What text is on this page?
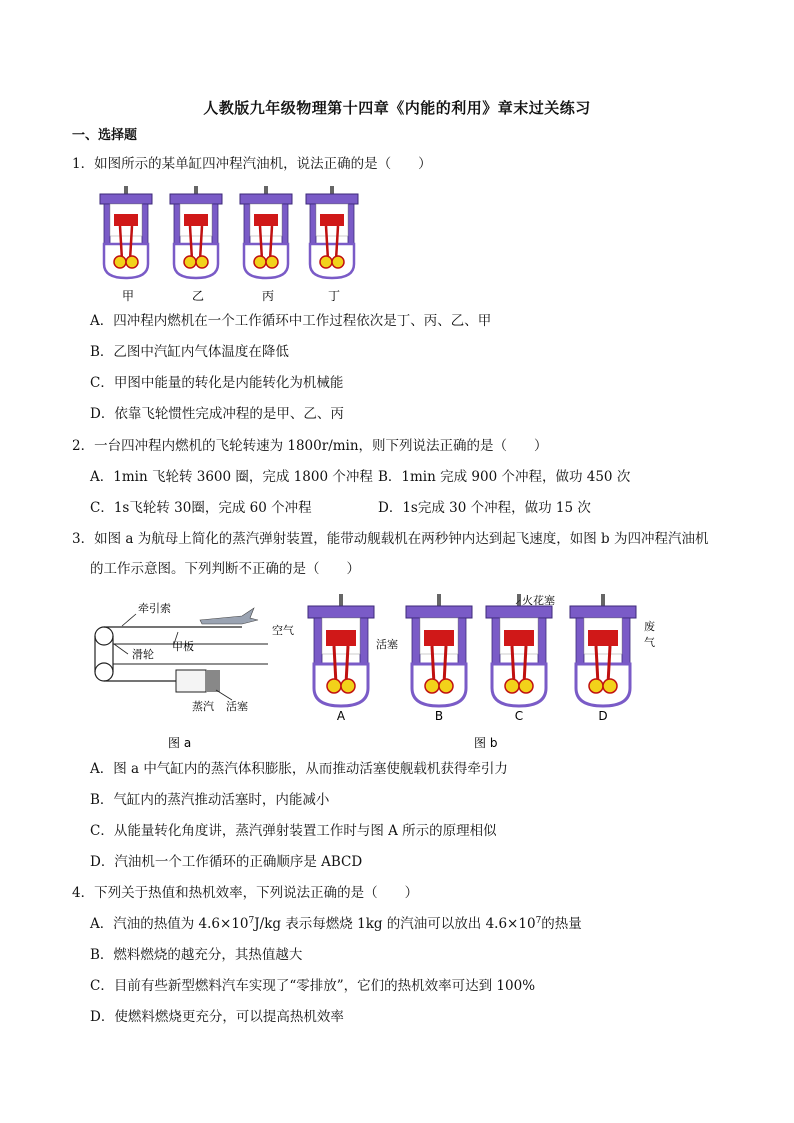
人教版九年级物理第十四章《内能的利用》章末过关练习
一、选择题
1．如图所示的某单缸四冲程汽油机，说法正确的是（　　）
甲	乙	丙	丁
A．四冲程内燃机在一个工作循环中工作过程依次是丁、丙、乙、甲
B．乙图中汽缸内气体温度在降低
C．甲图中能量的转化是内能转化为机械能
D．依靠飞轮惯性完成冲程的是甲、乙、丙
2．一台四冲程内燃机的飞轮转速为 1800r/min，则下列说法正确的是（　　）
A．1min 飞轮转 3600 圈，完成 1800 个冲程 B．1min 完成 900 个冲程，做功 450 次
C．1s飞轮转 30圈，完成 60 个冲程	D．1s完成 30 个冲程，做功 15 次
3．如图 a 为航母上简化的蒸汽弹射装置，能带动舰载机在两秒钟内达到起飞速度，如图 b 为四冲程汽油机
的工作示意图。下列判断不正确的是（　　）
牵引索
甲板
滑轮
蒸汽 活塞
图 a
空气
活塞
火花塞
废
气
A	B	C	D
图 b
A．图 a 中气缸内的蒸汽体积膨胀，从而推动活塞使舰载机获得牵引力
B．气缸内的蒸汽推动活塞时，内能减小
C．从能量转化角度讲，蒸汽弹射装置工作时与图 A 所示的原理相似
D．汽油机一个工作循环的正确顺序是 ABCD
4．下列关于热值和热机效率，下列说法正确的是（　　）
A．汽油的热值为 $4.6\times 10^7J/kg$ 表示每燃烧 1kg 的汽油可以放出 $4.6\times 10^7$的热量
B．燃料燃烧的越充分，其热值越大
C．目前有些新型燃料汽车实现了“零排放”，它们的热机效率可达到 100%
D．使燃料燃烧更充分，可以提高热机效率
